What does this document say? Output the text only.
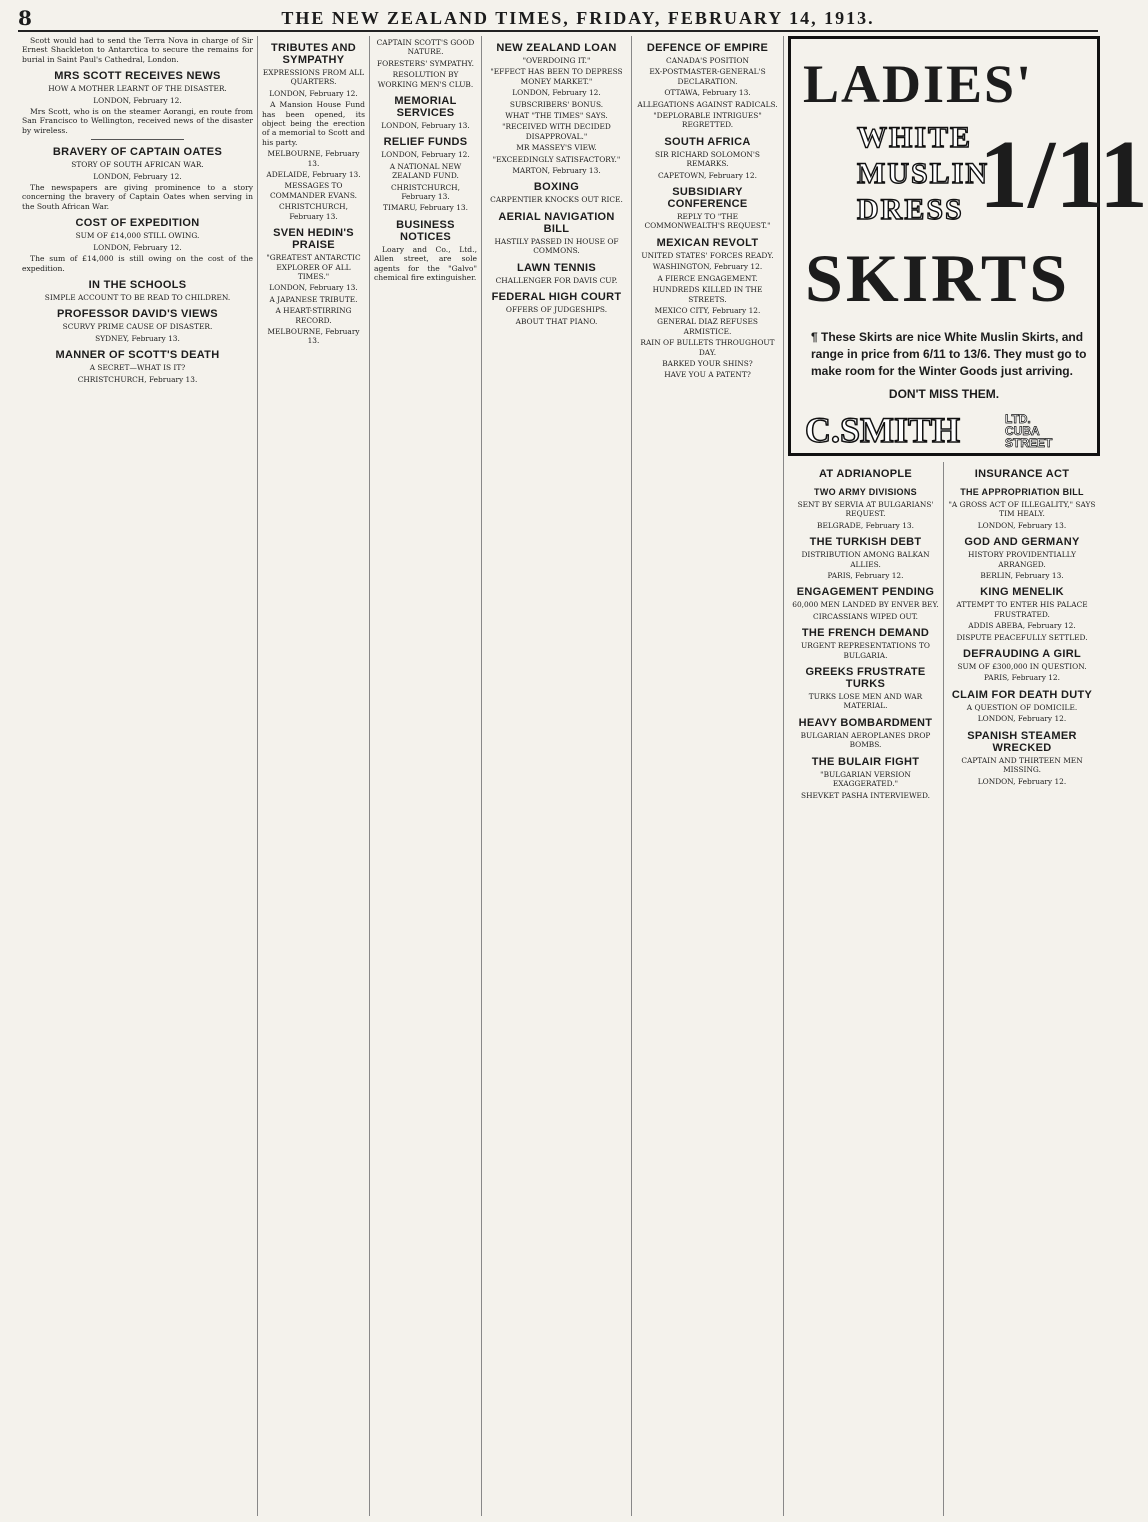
8	THE NEW ZEALAND TIMES, FRIDAY, FEBRUARY 14, 1913.

Scott would had to send the Terra Nova in charge of Sir Ernest Shackleton to Antarctica to secure the remains for burial in Saint Paul's Cathedral, London.

MRS SCOTT RECEIVES NEWS
HOW A MOTHER LEARNT OF THE DISASTER.
LONDON, February 12.

Mrs Scott, who is on the steamer Aorangi, en route from San Francisco to Wellington, received news of the disaster by wireless.

BRAVERY OF CAPTAIN OATES
STORY OF SOUTH AFRICAN WAR.
LONDON, February 12.

The newspapers are giving prominence to a story concerning the bravery of Captain Oates when serving in the South African War.

COST OF EXPEDITION
SUM OF £14,000 STILL OWING.
LONDON, February 12.

The sum of £14,000 is still owing on the cost of the expedition.

IN THE SCHOOLS
SIMPLE ACCOUNT TO BE READ TO CHILDREN.
PROFESSOR DAVID'S VIEWS
SCURVY PRIME CAUSE OF DISASTER.
SYDNEY, February 13.
MANNER OF SCOTT'S DEATH
A SECRET—WHAT IS IT?
CHRISTCHURCH, February 13.
TRIBUTES AND SYMPATHY
EXPRESSIONS FROM ALL QUARTERS.
LONDON, February 12.

A Mansion House Fund has been opened, its object being the erection of a memorial to Scott and his party.

MELBOURNE, February 13.
ADELAIDE, February 13.
MESSAGES TO COMMANDER EVANS.
CHRISTCHURCH, February 13.
SVEN HEDIN'S PRAISE
"GREATEST ANTARCTIC EXPLORER OF ALL TIMES."
LONDON, February 13.
A JAPANESE TRIBUTE.
A HEART-STIRRING RECORD.
MELBOURNE, February 13.
CAPTAIN SCOTT'S GOOD NATURE.
FORESTERS' SYMPATHY.
RESOLUTION BY WORKING MEN'S CLUB.
MEMORIAL SERVICES
LONDON, February 13.
RELIEF FUNDS
LONDON, February 12.
A NATIONAL NEW ZEALAND FUND.
CHRISTCHURCH, February 13.
TIMARU, February 13.
BUSINESS NOTICES

Loary and Co., Ltd., Allen street, are sole agents for the "Galvo" chemical fire extinguisher.

NEW ZEALAND LOAN
"OVERDOING IT."
"EFFECT HAS BEEN TO DEPRESS MONEY MARKET."
LONDON, February 12.
SUBSCRIBERS' BONUS.
WHAT "THE TIMES" SAYS.
"RECEIVED WITH DECIDED DISAPPROVAL."
MR MASSEY'S VIEW.
"EXCEEDINGLY SATISFACTORY."
MARTON, February 13.
BOXING
CARPENTIER KNOCKS OUT RICE.
AERIAL NAVIGATION BILL
HASTILY PASSED IN HOUSE OF COMMONS.
LAWN TENNIS
CHALLENGER FOR DAVIS CUP.
FEDERAL HIGH COURT
OFFERS OF JUDGESHIPS.
ABOUT THAT PIANO.
DEFENCE OF EMPIRE
CANADA'S POSITION
EX-POSTMASTER-GENERAL'S DECLARATION.
OTTAWA, February 13.
ALLEGATIONS AGAINST RADICALS.
"DEPLORABLE INTRIGUES" REGRETTED.
SOUTH AFRICA
SIR RICHARD SOLOMON'S REMARKS.
CAPETOWN, February 12.
SUBSIDIARY CONFERENCE
REPLY TO "THE COMMONWEALTH'S REQUEST."
MEXICAN REVOLT
UNITED STATES' FORCES READY.
WASHINGTON, February 12.
A FIERCE ENGAGEMENT.
HUNDREDS KILLED IN THE STREETS.
MEXICO CITY, February 12.
GENERAL DIAZ REFUSES ARMISTICE.
RAIN OF BULLETS THROUGHOUT DAY.
BARKED YOUR SHINS?
HAVE YOU A PATENT?
LADIES'
WHITE
MUSLIN
DRESS 1/11
SKIRTS
¶ These Skirts are nice White Muslin Skirts, and range in price from 6/11 to 13/6. They must go to make room for the Winter Goods just arriving.
DON'T MISS THEM.
C.SMITH	LTD.
CUBA
STREET
AT ADRIANOPLE
TWO ARMY DIVISIONS
SENT BY SERVIA AT BULGARIANS' REQUEST.
BELGRADE, February 13.
THE TURKISH DEBT
DISTRIBUTION AMONG BALKAN ALLIES.
PARIS, February 12.
ENGAGEMENT PENDING
60,000 MEN LANDED BY ENVER BEY.
CIRCASSIANS WIPED OUT.
THE FRENCH DEMAND
URGENT REPRESENTATIONS TO BULGARIA.
GREEKS FRUSTRATE TURKS
TURKS LOSE MEN AND WAR MATERIAL.
HEAVY BOMBARDMENT
BULGARIAN AEROPLANES DROP BOMBS.
THE BULAIR FIGHT
"BULGARIAN VERSION EXAGGERATED."
SHEVKET PASHA INTERVIEWED.
INSURANCE ACT
THE APPROPRIATION BILL
"A GROSS ACT OF ILLEGALITY," SAYS TIM HEALY.
LONDON, February 13.
GOD AND GERMANY
HISTORY PROVIDENTIALLY ARRANGED.
BERLIN, February 13.
KING MENELIK
ATTEMPT TO ENTER HIS PALACE FRUSTRATED.
ADDIS ABEBA, February 12.
DISPUTE PEACEFULLY SETTLED.
DEFRAUDING A GIRL
SUM OF £300,000 IN QUESTION.
PARIS, February 12.
CLAIM FOR DEATH DUTY
A QUESTION OF DOMICILE.
LONDON, February 12.
SPANISH STEAMER WRECKED
CAPTAIN AND THIRTEEN MEN MISSING.
LONDON, February 12.
